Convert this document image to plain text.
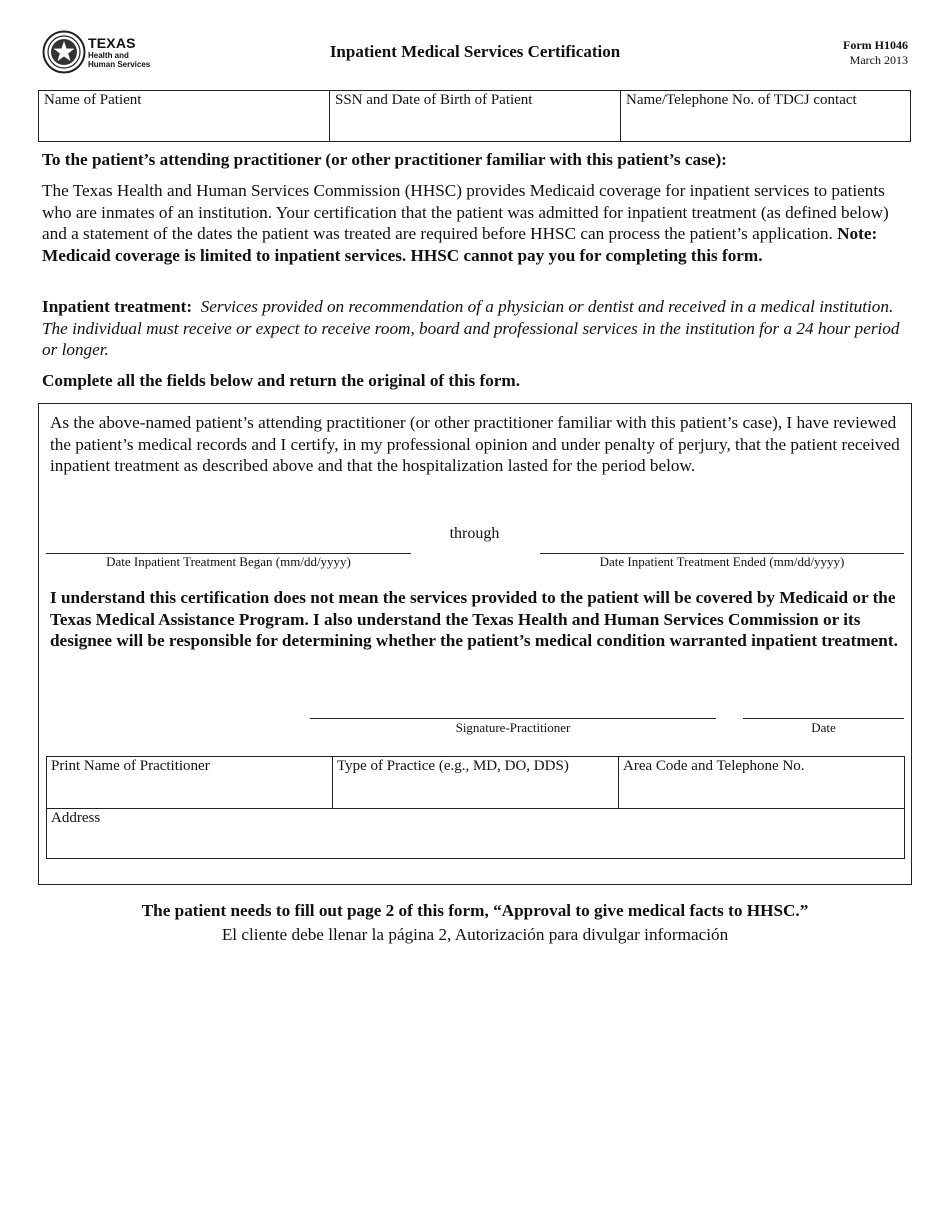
TEXAS
Health and Human Services
Inpatient Medical Services Certification	Form H1046
March 2013
Name of Patient	SSN and Date of Birth of Patient	Name/Telephone No. of TDCJ contact
To the patient’s attending practitioner (or other practitioner familiar with this patient’s case):
The Texas Health and Human Services Commission (HHSC) provides Medicaid coverage for inpatient services to patients who are inmates of an institution. Your certification that the patient was admitted for inpatient treatment (as defined below) and a statement of the dates the patient was treated are required before HHSC can process the patient’s application. Note: Medicaid coverage is limited to inpatient services. HHSC cannot pay you for completing this form.
Inpatient treatment: Services provided on recommendation of a physician or dentist and received in a medical institution. The individual must receive or expect to receive room, board and professional services in the institution for a 24 hour period or longer.
Complete all the fields below and return the original of this form.
As the above-named patient’s attending practitioner (or other practitioner familiar with this patient’s case), I have reviewed the patient’s medical records and I certify, in my professional opinion and under penalty of perjury, that the patient received inpatient treatment as described above and that the hospitalization lasted for the period below.
through
Date Inpatient Treatment Began (mm/dd/yyyy)	Date Inpatient Treatment Ended (mm/dd/yyyy)
I understand this certification does not mean the services provided to the patient will be covered by Medicaid or the Texas Medical Assistance Program. I also understand the Texas Health and Human Services Commission or its designee will be responsible for determining whether the patient’s medical condition warranted inpatient treatment.
Signature-Practitioner	Date
Print Name of Practitioner	Type of Practice (e.g., MD, DO, DDS)	Area Code and Telephone No.
Address
The patient needs to fill out page 2 of this form, “Approval to give medical facts to HHSC.”
El cliente debe llenar la página 2, Autorización para divulgar información
